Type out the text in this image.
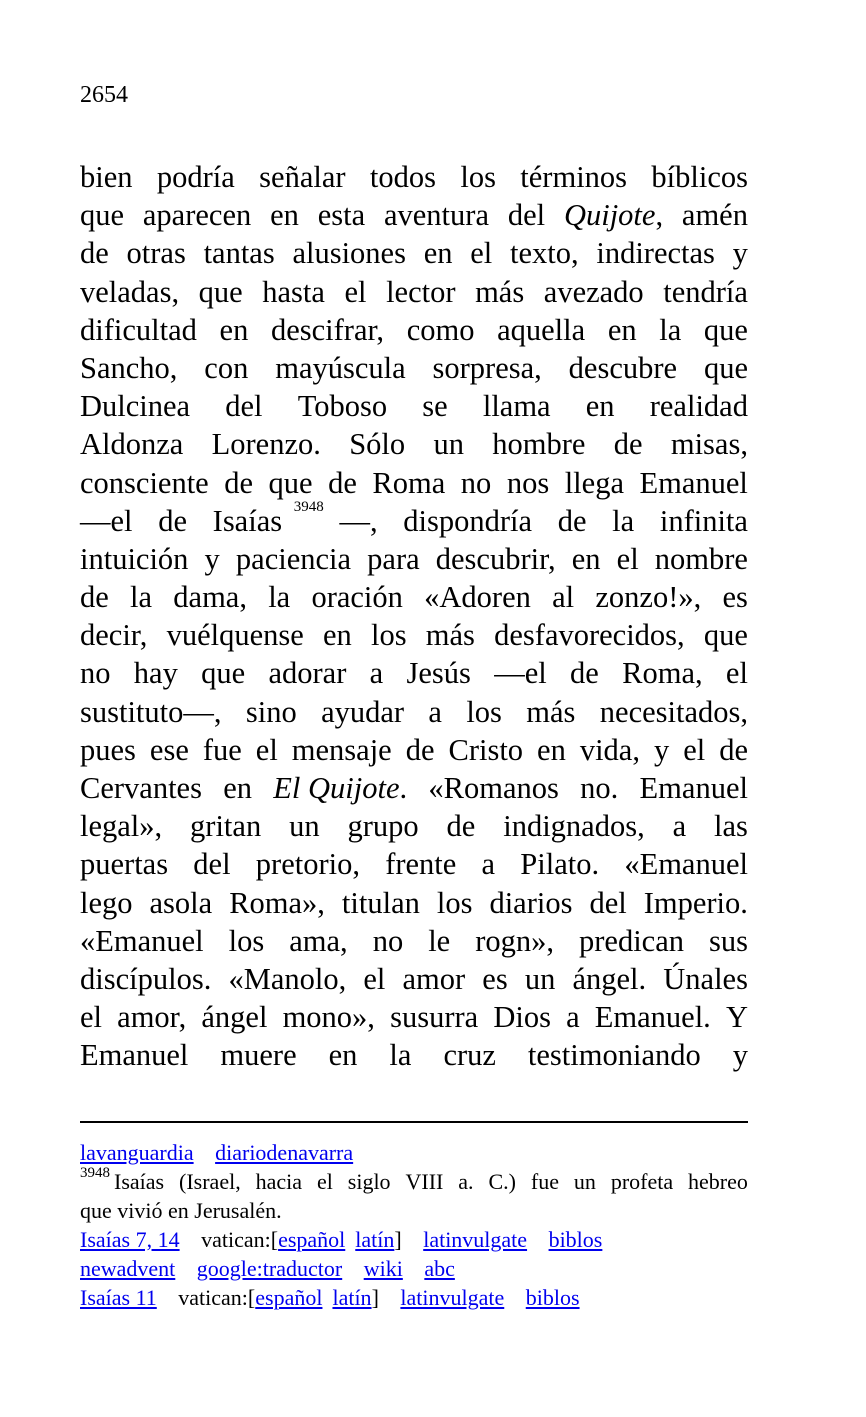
2654
bien podría señalar todos los términos bíblicos
que aparecen en esta aventura del Quijote, amén
de otras tantas alusiones en el texto, indirectas y
veladas, que hasta el lector más avezado tendría
dificultad en descifrar, como aquella en la que
Sancho, con mayúscula sorpresa, descubre que
Dulcinea del Toboso se llama en realidad
Aldonza Lorenzo. Sólo un hombre de misas,
consciente de que de Roma no nos llega Emanuel
—el de Isaías 3948 —, dispondría de la infinita
intuición y paciencia para descubrir, en el nombre
de la dama, la oración «Adoren al zonzo!», es
decir, vuélquense en los más desfavorecidos, que
no hay que adorar a Jesús —el de Roma, el
sustituto—, sino ayudar a los más necesitados,
pues ese fue el mensaje de Cristo en vida, y el de
Cervantes en El Quijote. «Romanos no. Emanuel
legal», gritan un grupo de indignados, a las
puertas del pretorio, frente a Pilato. «Emanuel
lego asola Roma», titulan los diarios del Imperio.
«Emanuel los ama, no le rogn», predican sus
discípulos. «Manolo, el amor es un ángel. Únales
el amor, ángel mono», susurra Dios a Emanuel. Y
Emanuel muere en la cruz testimoniando y
lavanguardia diariodenavarra
3948 Isaías (Israel, hacia el siglo VIII a. C.) fue un profeta hebreo
que vivió en Jerusalén.
Isaías 7, 14 vatican:[español latín] latinvulgate biblos
newadvent google:traductor wiki abc
Isaías 11 vatican:[español latín] latinvulgate biblos
